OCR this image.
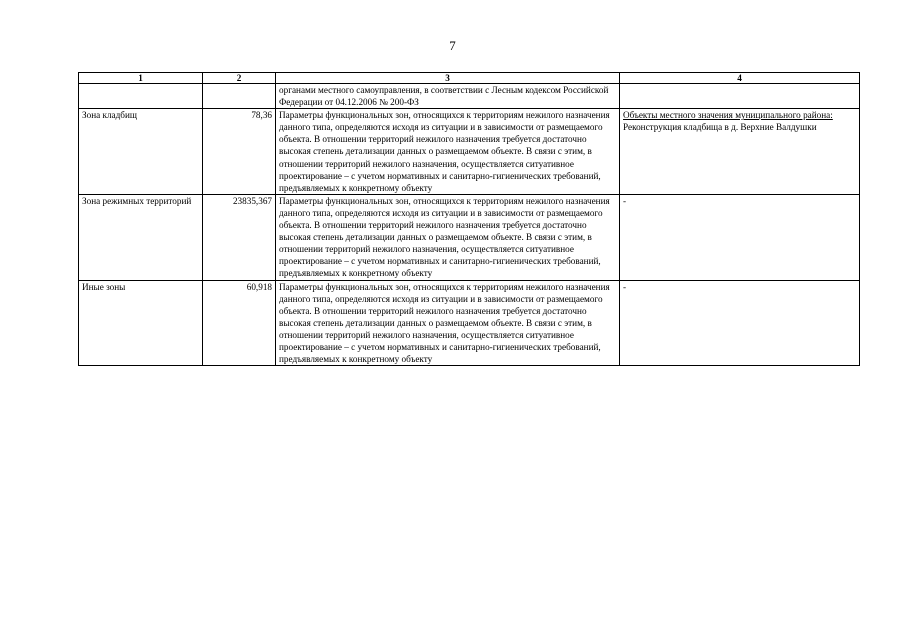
7
1	2	3	4
		органами местного самоуправления, в соответствии с Лесным кодексом Российской Федерации от 04.12.2006 № 200-ФЗ	
Зона кладбищ	78,36	Параметры функциональных зон, относящихся к территориям нежилого назначения данного типа, определяются исходя из ситуации и в зависимости от размещаемого объекта. В отношении территорий нежилого назначения требуется достаточно высокая степень детализации данных о размещаемом объекте. В связи с этим, в отношении территорий нежилого назначения, осуществляется ситуативное проектирование – с учетом нормативных и санитарно-гигиенических требований, предъявляемых к конкретному объекту	Объекты местного значения муниципального района:
Реконструкция кладбища в д. Верхние Валдушки

Зона режимных территорий	23835,367	Параметры функциональных зон, относящихся к территориям нежилого назначения данного типа, определяются исходя из ситуации и в зависимости от размещаемого объекта. В отношении территорий нежилого назначения требуется достаточно высокая степень детализации данных о размещаемом объекте. В связи с этим, в отношении территорий нежилого назначения, осуществляется ситуативное проектирование – с учетом нормативных и санитарно-гигиенических требований, предъявляемых к конкретному объекту	-
Иные зоны	60,918	Параметры функциональных зон, относящихся к территориям нежилого назначения данного типа, определяются исходя из ситуации и в зависимости от размещаемого объекта. В отношении территорий нежилого назначения требуется достаточно высокая степень детализации данных о размещаемом объекте. В связи с этим, в отношении территорий нежилого назначения, осуществляется ситуативное проектирование – с учетом нормативных и санитарно-гигиенических требований, предъявляемых к конкретному объекту	-
